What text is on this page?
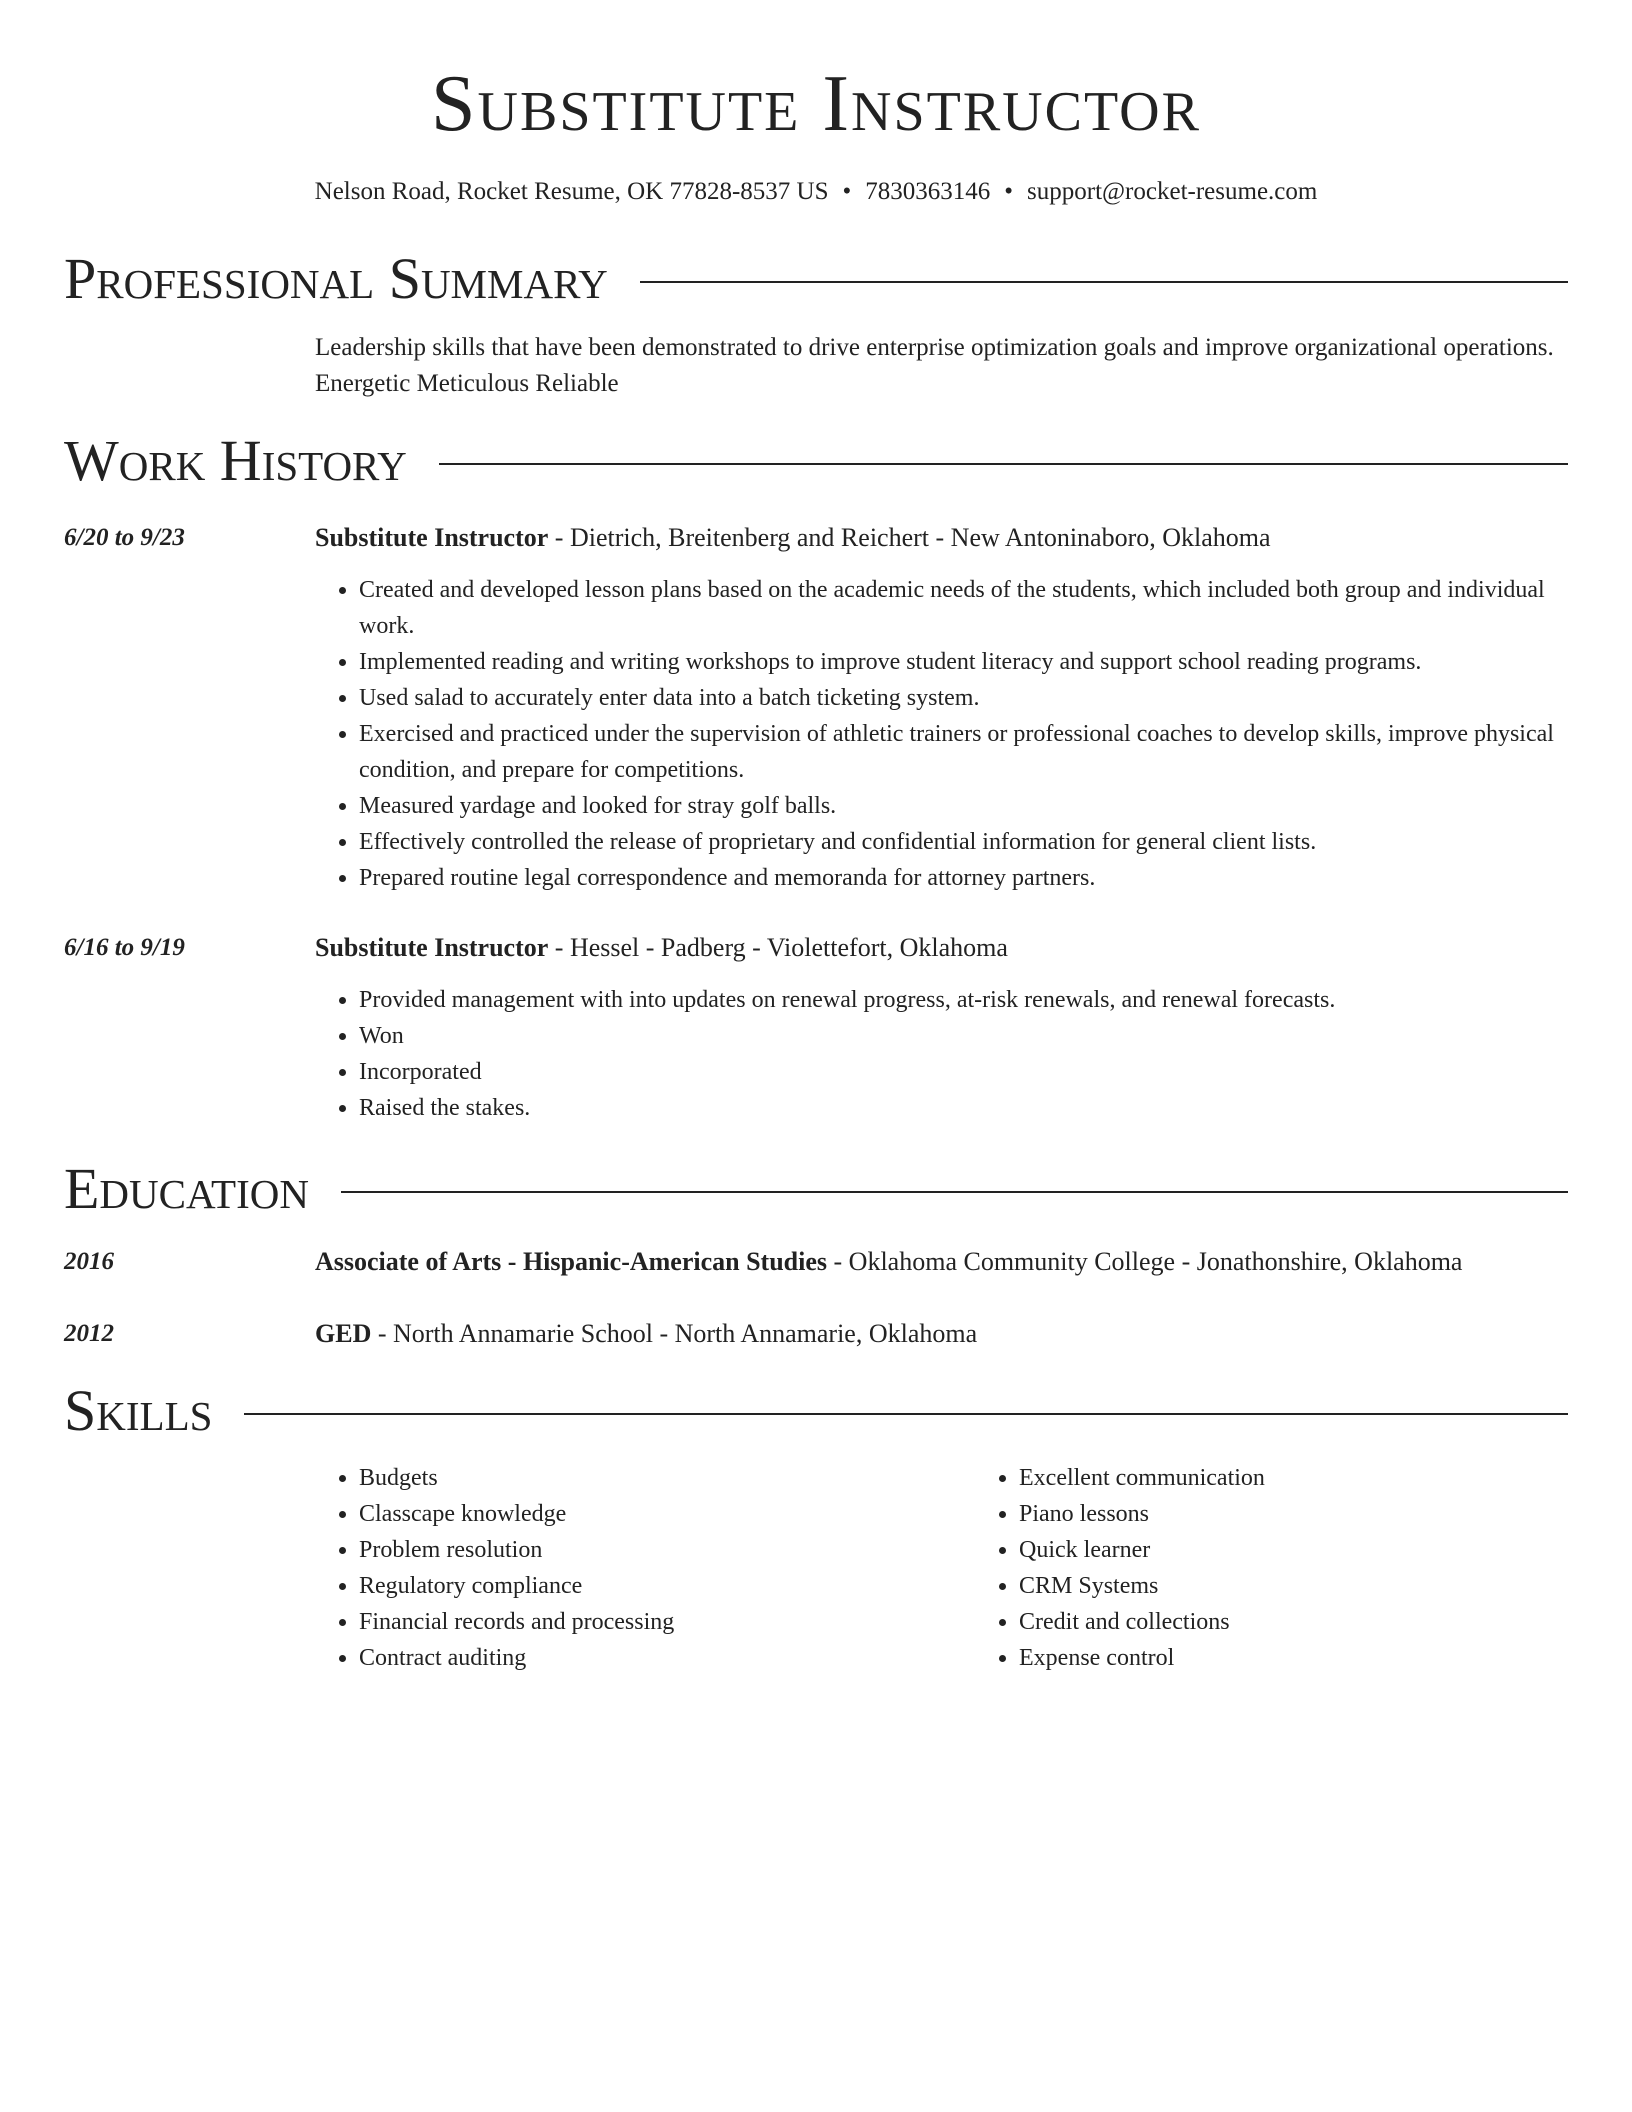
Substitute Instructor
Nelson Road, Rocket Resume, OK 77828-8537 US • 7830363146 • support@rocket-resume.com
Professional Summary
Leadership skills that have been demonstrated to drive enterprise optimization goals and improve organizational operations.
Energetic Meticulous Reliable
Work History
6/20 to 9/23	Substitute Instructor - Dietrich, Breitenberg and Reichert - New Antoninaboro, Oklahoma
• Created and developed lesson plans based on the academic needs of the students, which included both group and individual work.
• Implemented reading and writing workshops to improve student literacy and support school reading programs.
• Used salad to accurately enter data into a batch ticketing system.
• Exercised and practiced under the supervision of athletic trainers or professional coaches to develop skills, improve physical condition, and prepare for competitions.
• Measured yardage and looked for stray golf balls.
• Effectively controlled the release of proprietary and confidential information for general client lists.
• Prepared routine legal correspondence and memoranda for attorney partners.
6/16 to 9/19	Substitute Instructor - Hessel - Padberg - Violettefort, Oklahoma
• Provided management with into updates on renewal progress, at-risk renewals, and renewal forecasts.
• Won
• Incorporated
• Raised the stakes.
Education
2016	Associate of Arts - Hispanic-American Studies - Oklahoma Community College - Jonathonshire, Oklahoma
2012	GED - North Annamarie School - North Annamarie, Oklahoma
Skills
• Budgets
• Classcape knowledge
• Problem resolution
• Regulatory compliance
• Financial records and processing
• Contract auditing
• Excellent communication
• Piano lessons
• Quick learner
• CRM Systems
• Credit and collections
• Expense control
